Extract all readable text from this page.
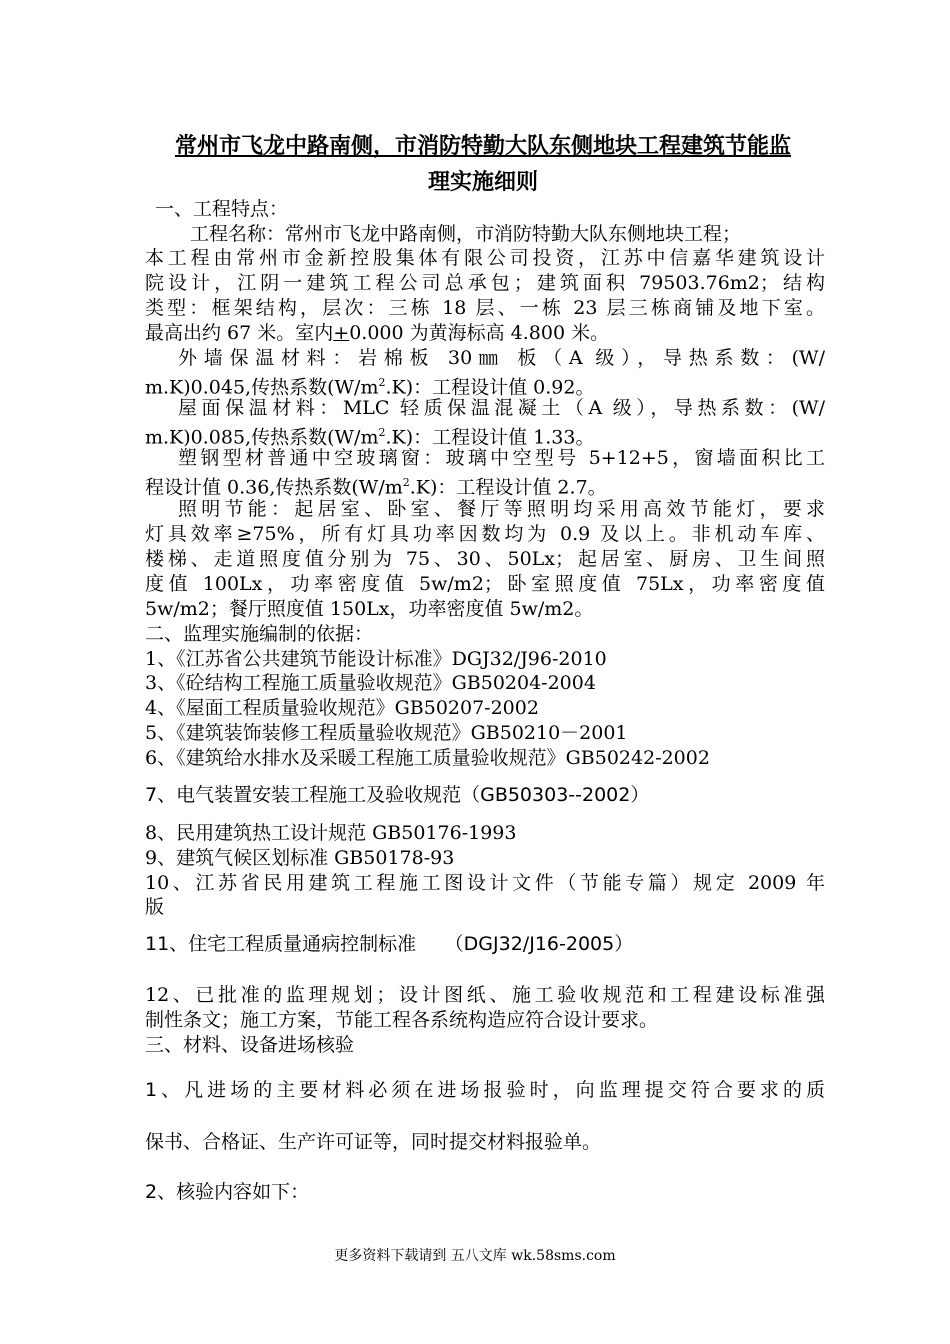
常州市飞龙中路南侧，市消防特勤大队东侧地块工程建筑节能监
理实施细则
一、工程特点：
工程名称：常州市飞龙中路南侧，市消防特勤大队东侧地块工程；
本工程由常州市金新控股集体有限公司投资，江苏中信嘉华建筑设计
院设计，江阴一建筑工程公司总承包；建筑面积 79503.76m2；结构
类型：框架结构，层次：三栋 18 层、一栋 23 层三栋商铺及地下室。
最高出约 67 米。室内+0.000 为黄海标高 4.800 米。
外墙保温材料：岩棉板 30㎜ 板（A 级），导热系数：(W/
m.K)0.045,传热系数$(W/m^2.K)$：工程设计值 0.92。
屋面保温材料：MLC 轻质保温混凝土（A 级），导热系数：(W/
m.K)0.085,传热系数$(W/m^2.K)$：工程设计值 1.33。
塑钢型材普通中空玻璃窗：玻璃中空型号 5+12+5，窗墙面积比工
程设计值 0.36,传热系数$(W/m^2.K)$：工程设计值 2.7。
照明节能：起居室、卧室、餐厅等照明均采用高效节能灯，要求
灯具效率≥75%，所有灯具功率因数均为 0.9 及以上。非机动车库、
楼梯、走道照度值分别为 75、30、50Lx；起居室、厨房、卫生间照
度值 100Lx，功率密度值 5w/m2；卧室照度值 75Lx，功率密度值
5w/m2；餐厅照度值 150Lx，功率密度值 5w/m2。
二、监理实施编制的依据：
1、《江苏省公共建筑节能设计标准》DGJ32/J96-2010
3、《砼结构工程施工质量验收规范》GB50204-2004
4、《屋面工程质量验收规范》GB50207-2002
5、《建筑装饰装修工程质量验收规范》GB50210－2001
6、《建筑给水排水及采暖工程施工质量验收规范》GB50242-2002
7、电气装置安装工程施工及验收规范（GB50303--2002）
8、民用建筑热工设计规范 GB50176-1993
9、建筑气候区划标准 GB50178-93
10、江苏省民用建筑工程施工图设计文件（节能专篇）规定 2009 年
版
11、住宅工程质量通病控制标准　　（DGJ32/J16-2005）
12、已批准的监理规划；设计图纸、施工验收规范和工程建设标准强
制性条文；施工方案，节能工程各系统构造应符合设计要求。
三、材料、设备进场核验
1、凡进场的主要材料必须在进场报验时，向监理提交符合要求的质
保书、合格证、生产许可证等，同时提交材料报验单。
2、核验内容如下：
更多资料下载请到 五八文库 wk.58sms.com
